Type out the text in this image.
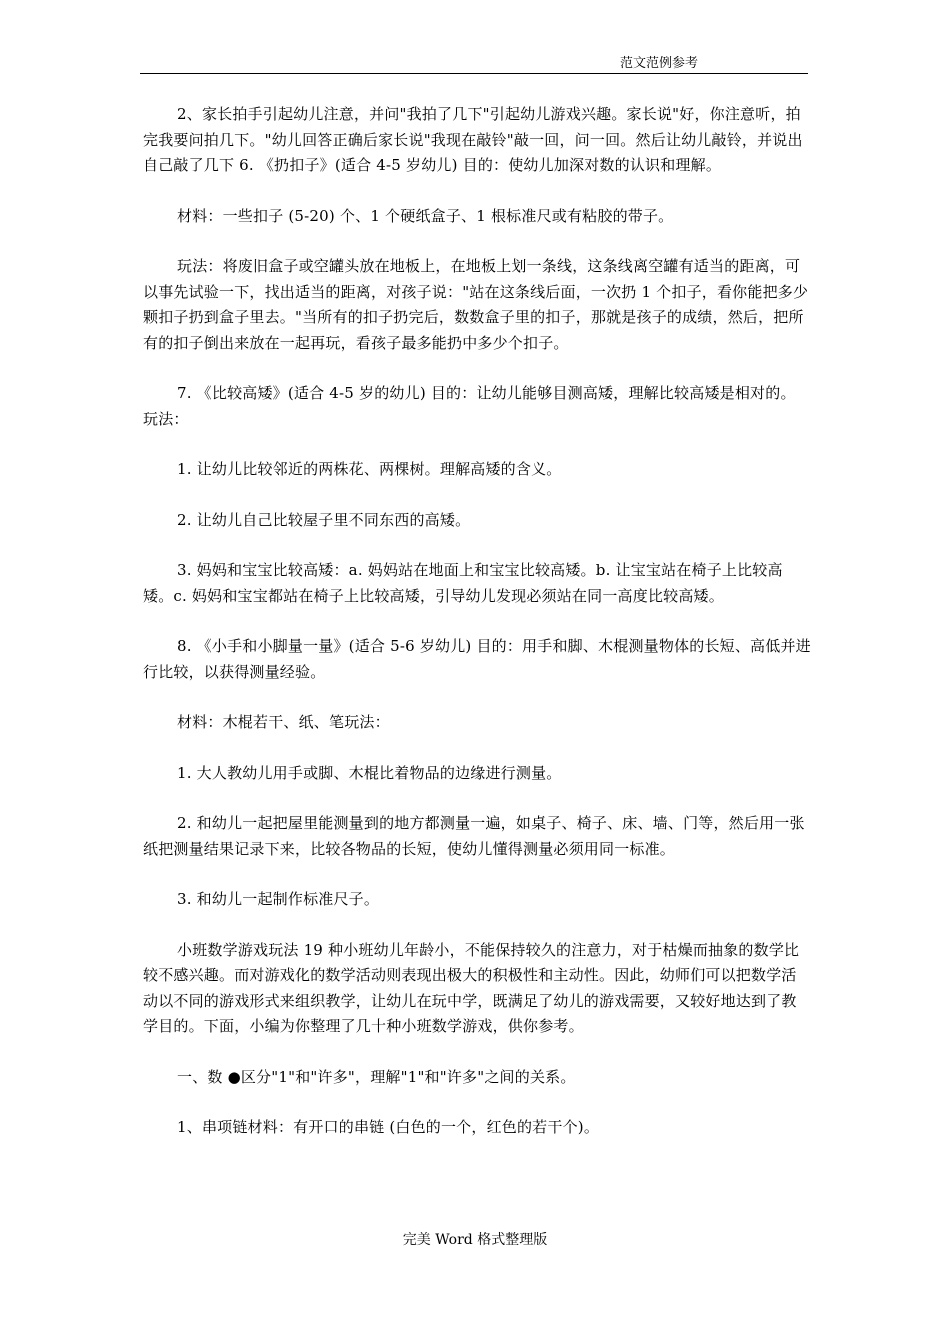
范文范例参考

2、家长拍手引起幼儿注意，并问"我拍了几下"引起幼儿游戏兴趣。家长说"好，你注意听，拍完我要问拍几下。"幼儿回答正确后家长说"我现在敲铃"敲一回，问一回。然后让幼儿敲铃，并说出自己敲了几下 6. 《扔扣子》(适合 4-5 岁幼儿) 目的：使幼儿加深对数的认识和理解。

材料：一些扣子 (5-20) 个、1 个硬纸盒子、1 根标准尺或有粘胶的带子。

玩法：将废旧盒子或空罐头放在地板上，在地板上划一条线，这条线离空罐有适当的距离，可以事先试验一下，找出适当的距离，对孩子说："站在这条线后面，一次扔 1 个扣子，看你能把多少颗扣子扔到盒子里去。"当所有的扣子扔完后，数数盒子里的扣子，那就是孩子的成绩，然后，把所有的扣子倒出来放在一起再玩，看孩子最多能扔中多少个扣子。

7. 《比较高矮》(适合 4-5 岁的幼儿) 目的：让幼儿能够目测高矮，理解比较高矮是相对的。

玩法：

1. 让幼儿比较邻近的两株花、两棵树。理解高矮的含义。

2. 让幼儿自己比较屋子里不同东西的高矮。

3. 妈妈和宝宝比较高矮：a. 妈妈站在地面上和宝宝比较高矮。b. 让宝宝站在椅子上比较高矮。c. 妈妈和宝宝都站在椅子上比较高矮，引导幼儿发现必须站在同一高度比较高矮。

8. 《小手和小脚量一量》(适合 5-6 岁幼儿) 目的：用手和脚、木棍测量物体的长短、高低并进行比较，以获得测量经验。

材料：木棍若干、纸、笔玩法：

1. 大人教幼儿用手或脚、木棍比着物品的边缘进行测量。

2. 和幼儿一起把屋里能测量到的地方都测量一遍，如桌子、椅子、床、墙、门等，然后用一张纸把测量结果记录下来，比较各物品的长短，使幼儿懂得测量必须用同一标准。

3. 和幼儿一起制作标准尺子。

小班数学游戏玩法 19 种小班幼儿年龄小，不能保持较久的注意力，对于枯燥而抽象的数学比较不感兴趣。而对游戏化的数学活动则表现出极大的积极性和主动性。因此，幼师们可以把数学活动以不同的游戏形式来组织教学，让幼儿在玩中学，既满足了幼儿的游戏需要，又较好地达到了教学目的。下面，小编为你整理了几十种小班数学游戏，供你参考。

一、数 ●区分"1"和"许多"，理解"1"和"许多"之间的关系。

1、串项链材料：有开口的串链 (白色的一个，红色的若干个)。

完美 Word 格式整理版
